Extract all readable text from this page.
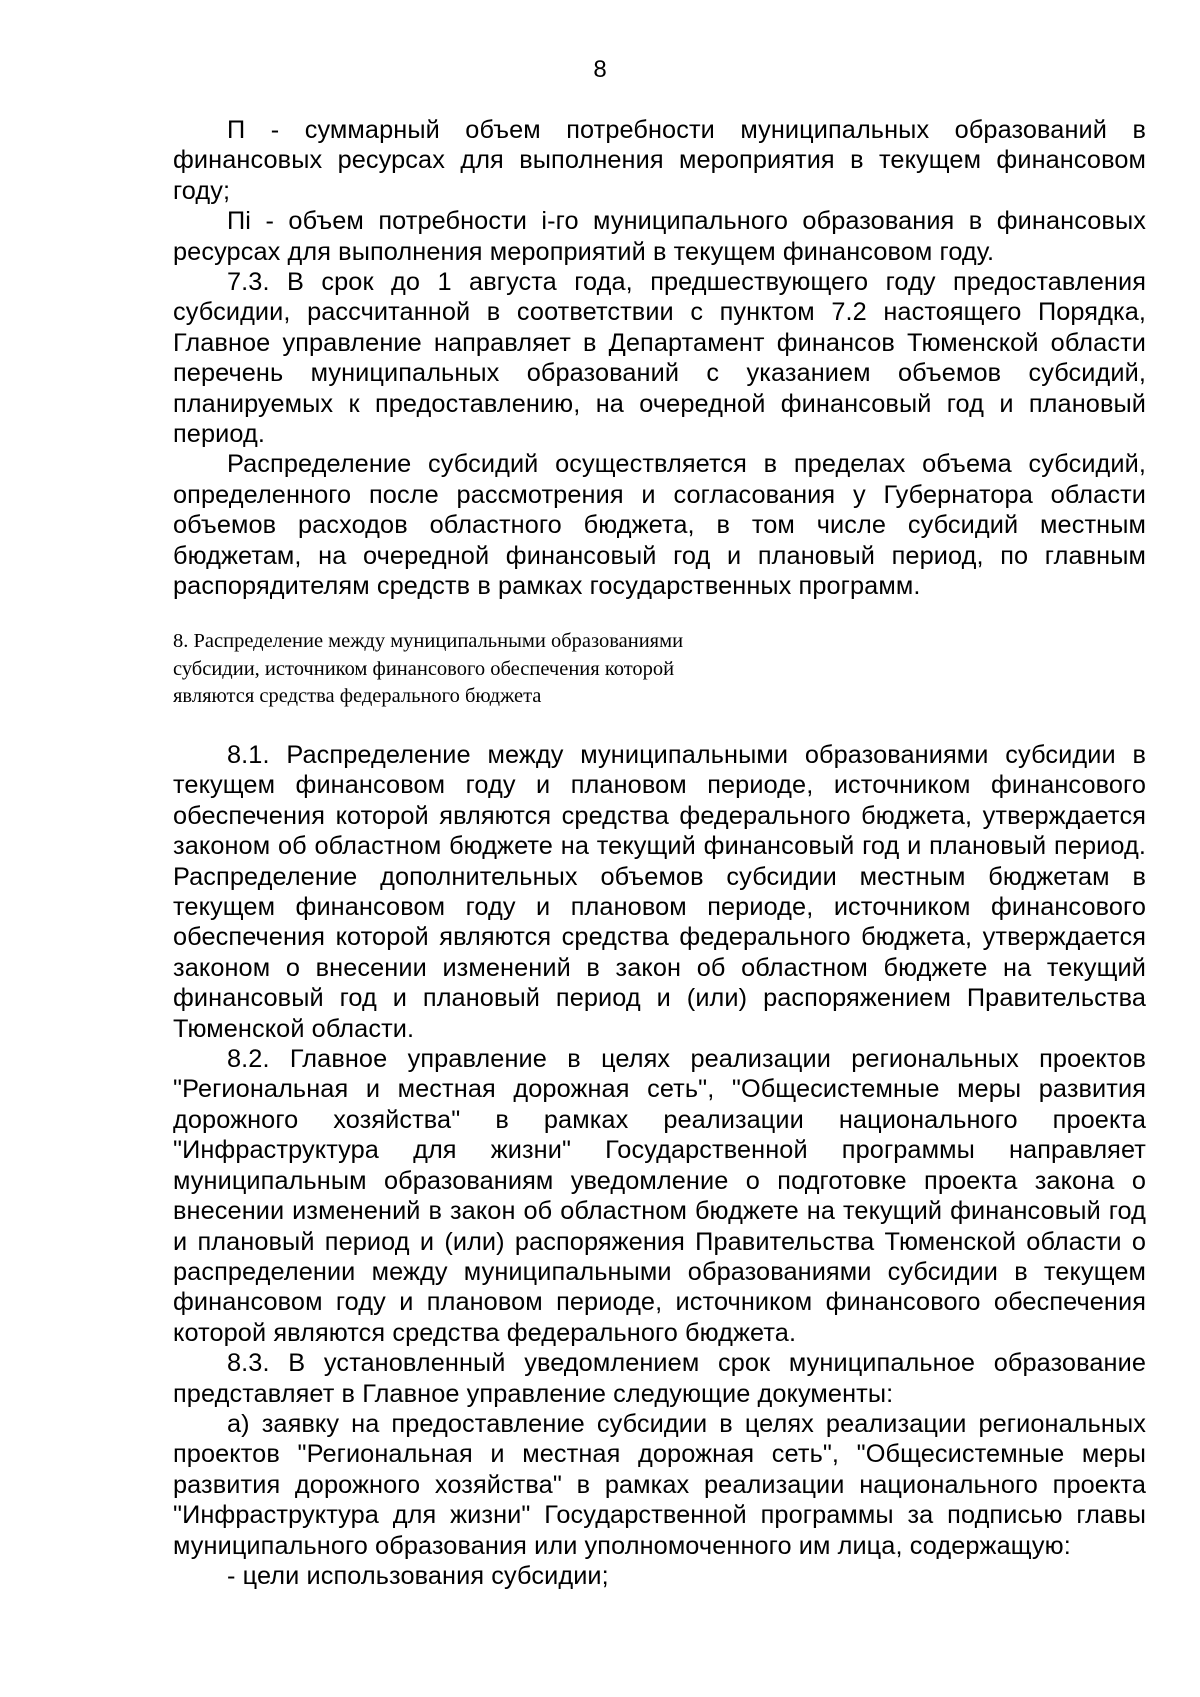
8

П - суммарный объем потребности муниципальных образований в финансовых ресурсах для выполнения мероприятия в текущем финансовом году;

Пi - объем потребности i-го муниципального образования в финансовых ресурсах для выполнения мероприятий в текущем финансовом году.

7.3. В срок до 1 августа года, предшествующего году предоставления субсидии, рассчитанной в соответствии с пунктом 7.2 настоящего Порядка, Главное управление направляет в Департамент финансов Тюменской области перечень муниципальных образований с указанием объемов субсидий, планируемых к предоставлению, на очередной финансовый год и плановый период.

Распределение субсидий осуществляется в пределах объема субсидий, определенного после рассмотрения и согласования у Губернатора области объемов расходов областного бюджета, в том числе субсидий местным бюджетам, на очередной финансовый год и плановый период, по главным распорядителям средств в рамках государственных программ.

8. Распределение между муниципальными образованиями

субсидии, источником финансового обеспечения которой

являются средства федерального бюджета

8.1. Распределение между муниципальными образованиями субсидии в текущем финансовом году и плановом периоде, источником финансового обеспечения которой являются средства федерального бюджета, утверждается законом об областном бюджете на текущий финансовый год и плановый период. Распределение дополнительных объемов субсидии местным бюджетам в текущем финансовом году и плановом периоде, источником финансового обеспечения которой являются средства федерального бюджета, утверждается законом о внесении изменений в закон об областном бюджете на текущий финансовый год и плановый период и (или) распоряжением Правительства Тюменской области.

8.2. Главное управление в целях реализации региональных проектов "Региональная и местная дорожная сеть", "Общесистемные меры развития дорожного хозяйства" в рамках реализации национального проекта "Инфраструктура для жизни" Государственной программы направляет муниципальным образованиям уведомление о подготовке проекта закона о внесении изменений в закон об областном бюджете на текущий финансовый год и плановый период и (или) распоряжения Правительства Тюменской области о распределении между муниципальными образованиями субсидии в текущем финансовом году и плановом периоде, источником финансового обеспечения которой являются средства федерального бюджета.

8.3. В установленный уведомлением срок муниципальное образование представляет в Главное управление следующие документы:

а) заявку на предоставление субсидии в целях реализации региональных проектов "Региональная и местная дорожная сеть", "Общесистемные меры развития дорожного хозяйства" в рамках реализации национального проекта "Инфраструктура для жизни" Государственной программы за подписью главы муниципального образования или уполномоченного им лица, содержащую:

- цели использования субсидии;
